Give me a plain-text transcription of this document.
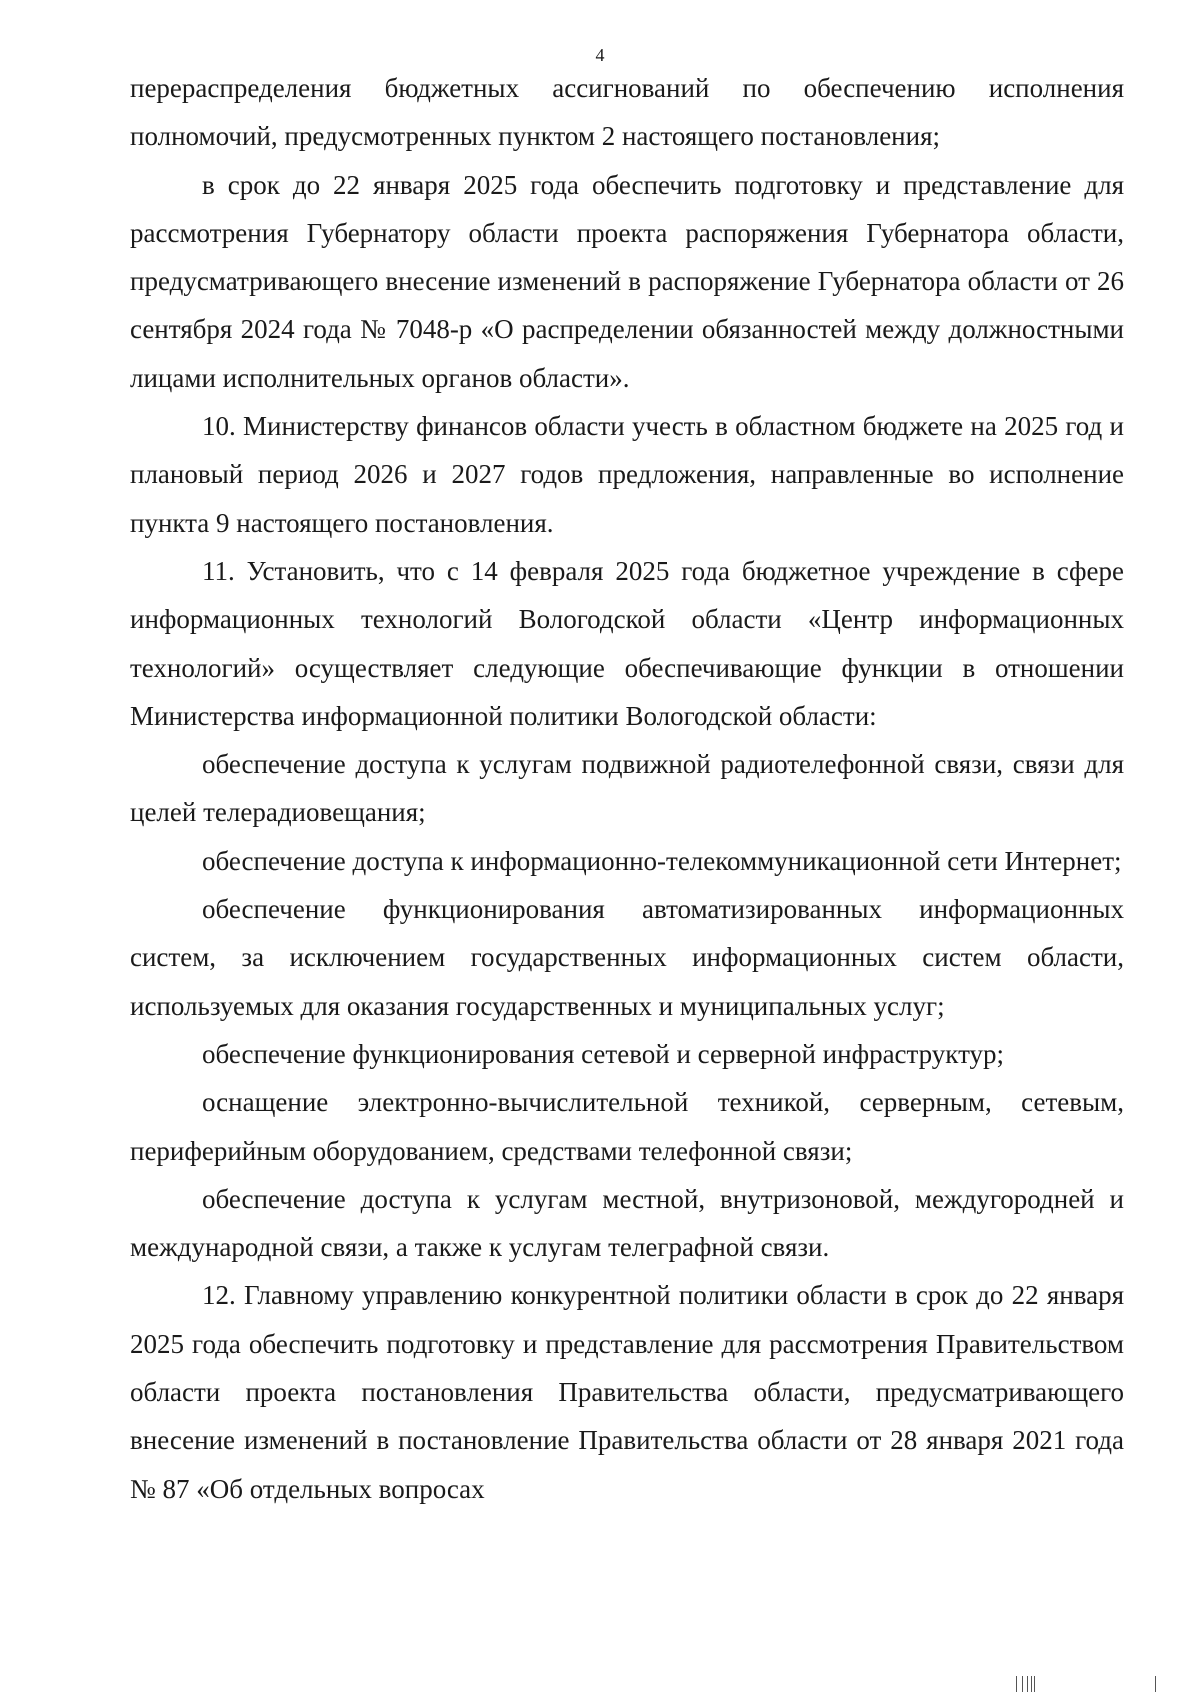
4

перераспределения бюджетных ассигнований по обеспечению исполнения полномочий, предусмотренных пунктом 2 настоящего постановления;

в срок до 22 января 2025 года обеспечить подготовку и представление для рассмотрения Губернатору области проекта распоряжения Губернатора области, предусматривающего внесение изменений в распоряжение Губернатора области от 26 сентября 2024 года № 7048-р «О распределении обязанностей между должностными лицами исполнительных органов области».

10. Министерству финансов области учесть в областном бюджете на 2025 год и плановый период 2026 и 2027 годов предложения, направленные во исполнение пункта 9 настоящего постановления.

11. Установить, что с 14 февраля 2025 года бюджетное учреждение в сфере информационных технологий Вологодской области «Центр информационных технологий» осуществляет следующие обеспечивающие функции в отношении Министерства информационной политики Вологодской области:

обеспечение доступа к услугам подвижной радиотелефонной связи, связи для целей телерадиовещания;

обеспечение доступа к информационно-телекоммуникационной сети Интернет;

обеспечение функционирования автоматизированных информационных систем, за исключением государственных информационных систем области, используемых для оказания государственных и муниципальных услуг;

обеспечение функционирования сетевой и серверной инфраструктур;

оснащение электронно-вычислительной техникой, серверным, сетевым, периферийным оборудованием, средствами телефонной связи;

обеспечение доступа к услугам местной, внутризоновой, междугородней и международной связи, а также к услугам телеграфной связи.

12. Главному управлению конкурентной политики области в срок до 22 января 2025 года обеспечить подготовку и представление для рассмотрения Правительством области проекта постановления Правительства области, предусматривающего внесение изменений в постановление Правительства области от 28 января 2021 года № 87 «Об отдельных вопросах
